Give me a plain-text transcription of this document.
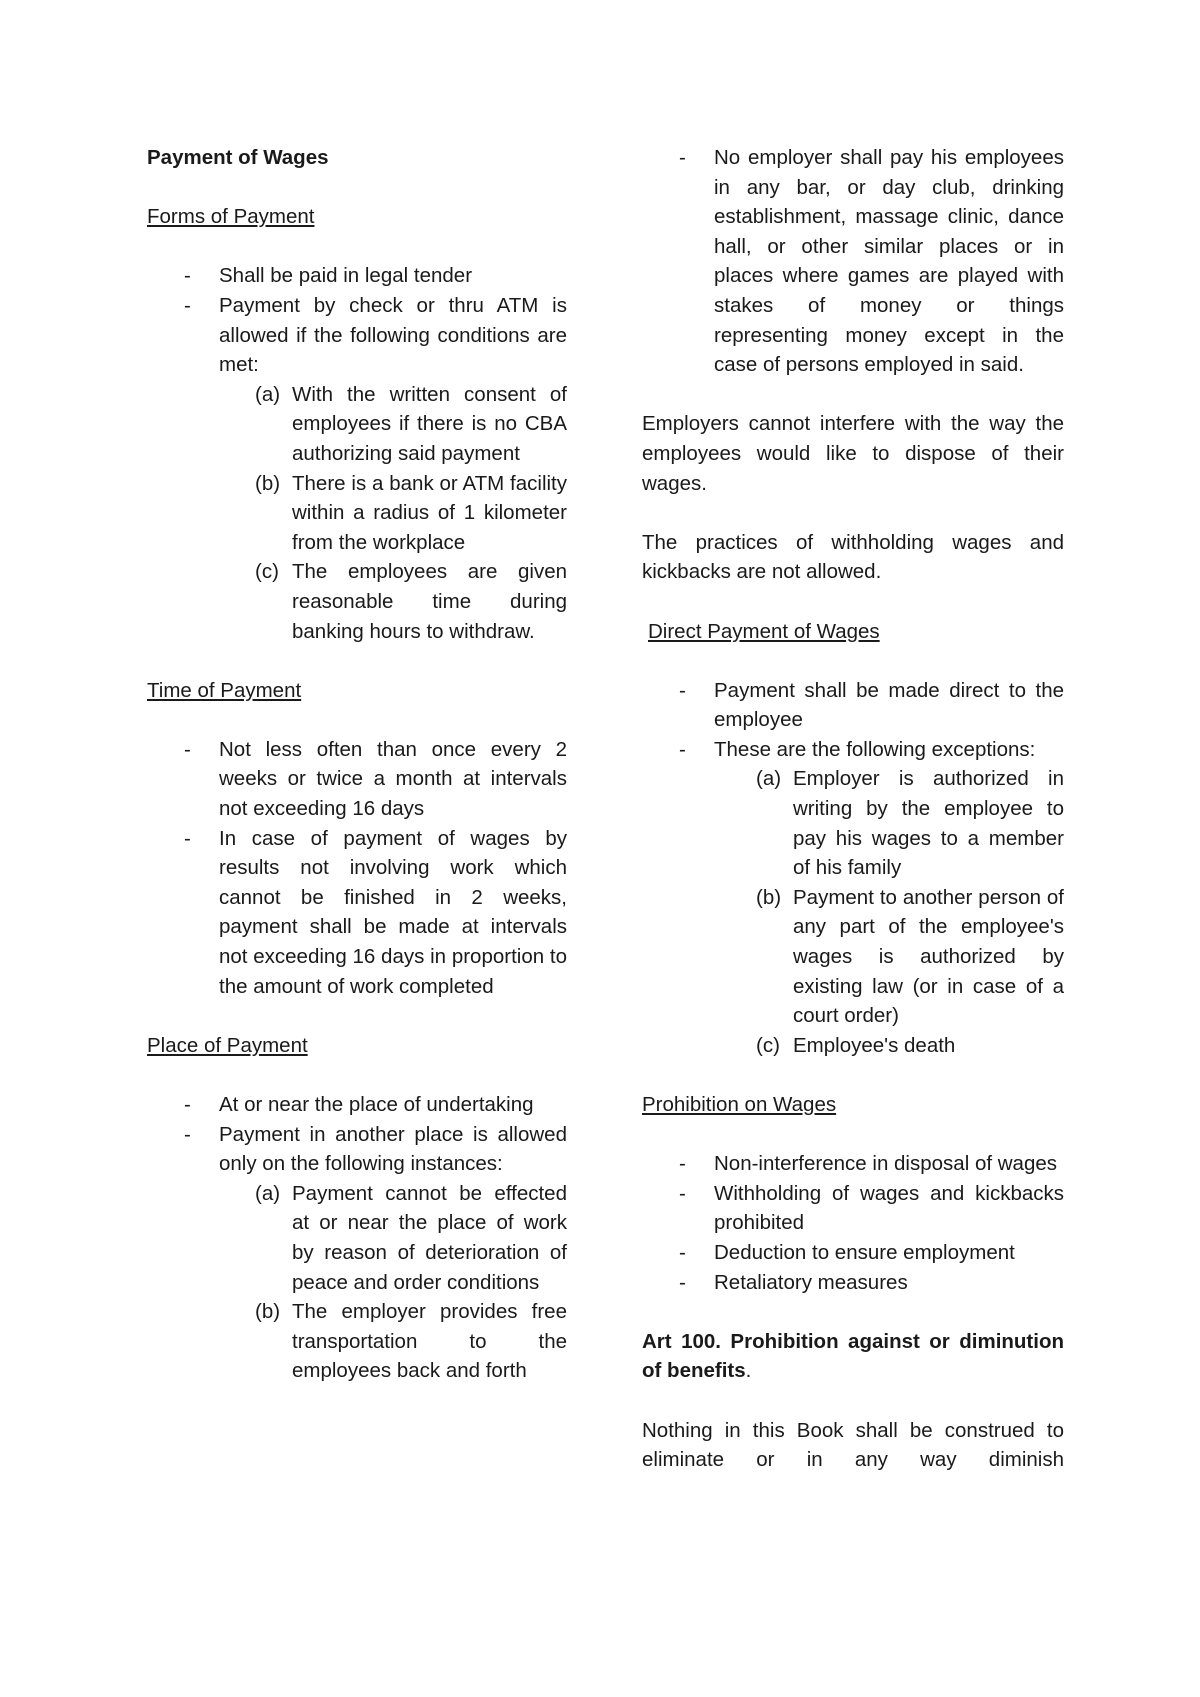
Payment of Wages

Forms of Payment

- Shall be paid in legal tender
- Payment by check or thru ATM is allowed if the following conditions are met:
(a) With the written consent of employees if there is no CBA authorizing said payment
(b) There is a bank or ATM facility within a radius of 1 kilometer from the workplace
(c) The employees are given reasonable time during banking hours to withdraw.

Time of Payment

- Not less often than once every 2 weeks or twice a month at intervals not exceeding 16 days
- In case of payment of wages by results not involving work which cannot be finished in 2 weeks, payment shall be made at intervals not exceeding 16 days in proportion to the amount of work completed

Place of Payment

- At or near the place of undertaking
- Payment in another place is allowed only on the following instances:
(a) Payment cannot be effected at or near the place of work by reason of deterioration of peace and order conditions
(b) The employer provides free transportation to the employees back and forth
- No employer shall pay his employees in any bar, or day club, drinking establishment, massage clinic, dance hall, or other similar places or in places where games are played with stakes of money or things representing money except in the case of persons employed in said.

Employers cannot interfere with the way the employees would like to dispose of their wages.

The practices of withholding wages and kickbacks are not allowed.

Direct Payment of Wages

- Payment shall be made direct to the employee
- These are the following exceptions:
(a) Employer is authorized in writing by the employee to pay his wages to a member of his family
(b) Payment to another person of any part of the employee's wages is authorized by existing law (or in case of a court order)
(c) Employee's death

Prohibition on Wages

- Non-interference in disposal of wages
- Withholding of wages and kickbacks prohibited
- Deduction to ensure employment
- Retaliatory measures

Art 100. Prohibition against or diminution of benefits.

Nothing in this Book shall be construed to eliminate or in any way diminish
